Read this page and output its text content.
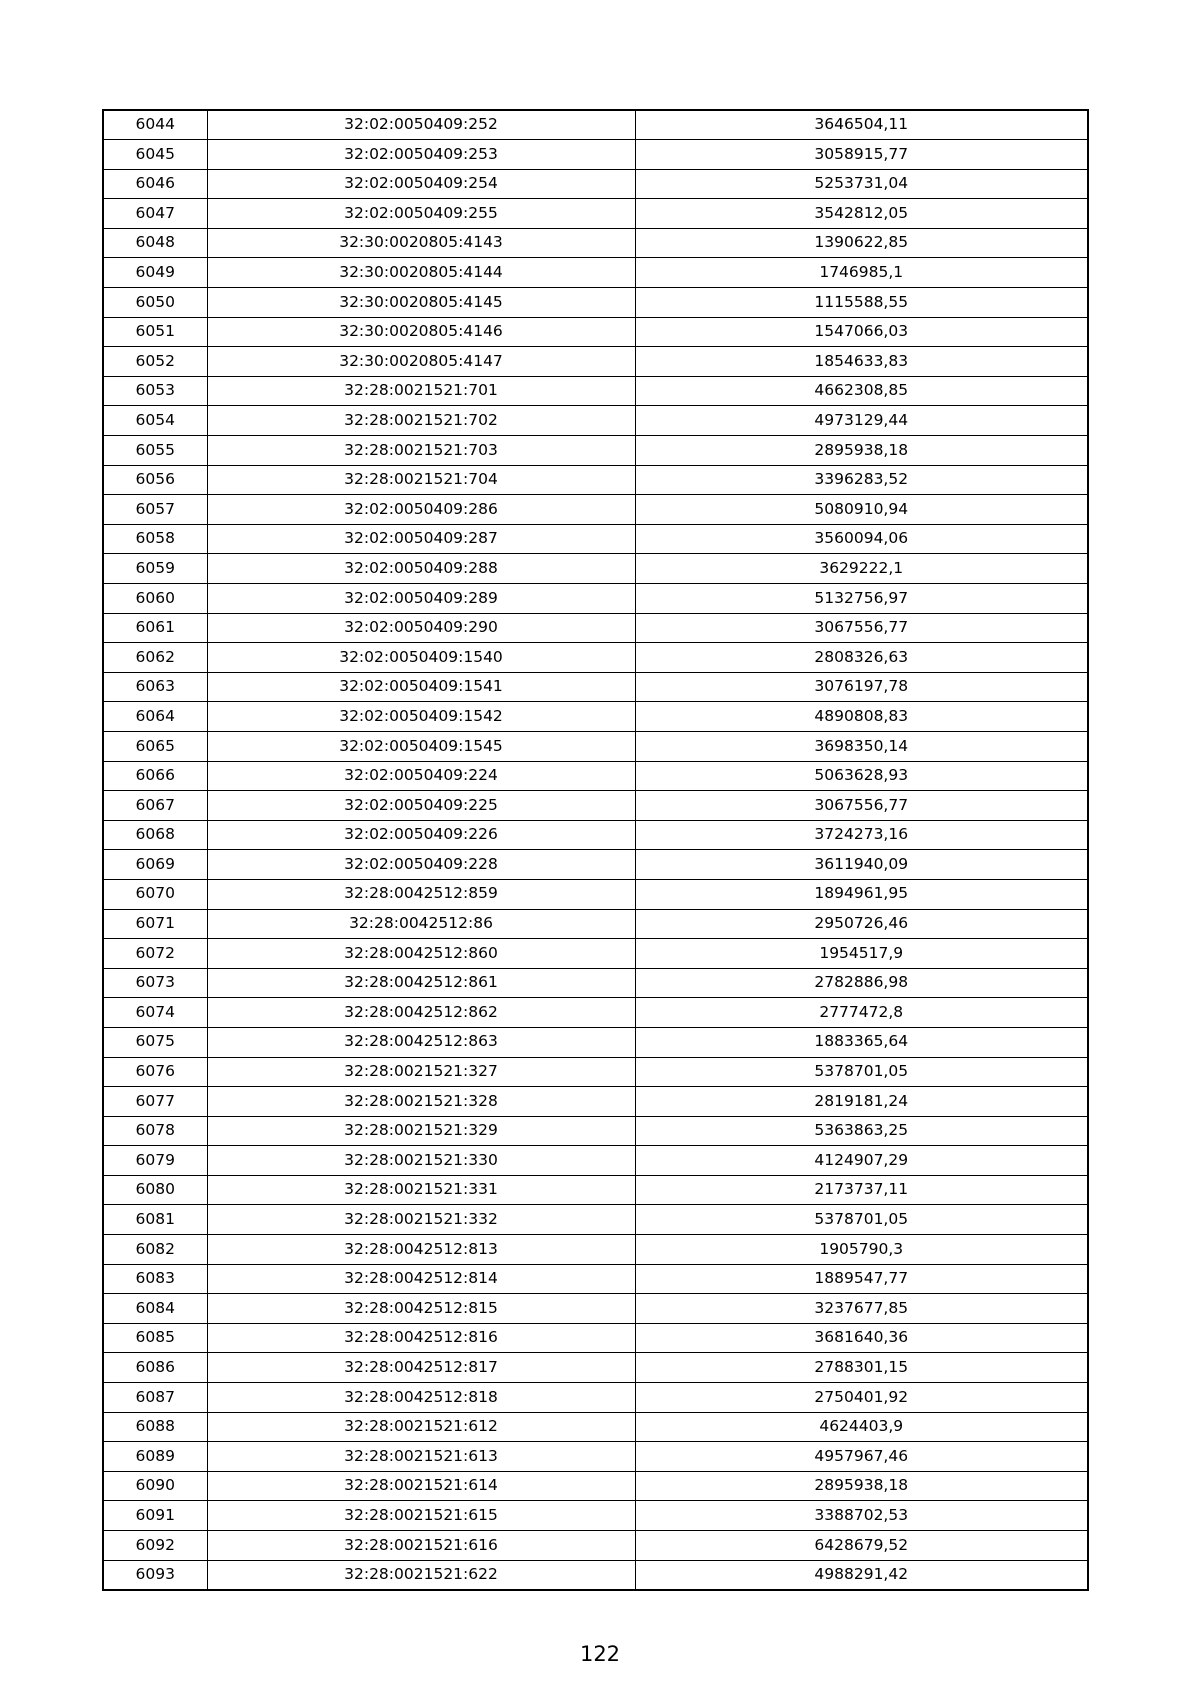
6044	32:02:0050409:252	3646504,11
6045	32:02:0050409:253	3058915,77
6046	32:02:0050409:254	5253731,04
6047	32:02:0050409:255	3542812,05
6048	32:30:0020805:4143	1390622,85
6049	32:30:0020805:4144	1746985,1
6050	32:30:0020805:4145	1115588,55
6051	32:30:0020805:4146	1547066,03
6052	32:30:0020805:4147	1854633,83
6053	32:28:0021521:701	4662308,85
6054	32:28:0021521:702	4973129,44
6055	32:28:0021521:703	2895938,18
6056	32:28:0021521:704	3396283,52
6057	32:02:0050409:286	5080910,94
6058	32:02:0050409:287	3560094,06
6059	32:02:0050409:288	3629222,1
6060	32:02:0050409:289	5132756,97
6061	32:02:0050409:290	3067556,77
6062	32:02:0050409:1540	2808326,63
6063	32:02:0050409:1541	3076197,78
6064	32:02:0050409:1542	4890808,83
6065	32:02:0050409:1545	3698350,14
6066	32:02:0050409:224	5063628,93
6067	32:02:0050409:225	3067556,77
6068	32:02:0050409:226	3724273,16
6069	32:02:0050409:228	3611940,09
6070	32:28:0042512:859	1894961,95
6071	32:28:0042512:86	2950726,46
6072	32:28:0042512:860	1954517,9
6073	32:28:0042512:861	2782886,98
6074	32:28:0042512:862	2777472,8
6075	32:28:0042512:863	1883365,64
6076	32:28:0021521:327	5378701,05
6077	32:28:0021521:328	2819181,24
6078	32:28:0021521:329	5363863,25
6079	32:28:0021521:330	4124907,29
6080	32:28:0021521:331	2173737,11
6081	32:28:0021521:332	5378701,05
6082	32:28:0042512:813	1905790,3
6083	32:28:0042512:814	1889547,77
6084	32:28:0042512:815	3237677,85
6085	32:28:0042512:816	3681640,36
6086	32:28:0042512:817	2788301,15
6087	32:28:0042512:818	2750401,92
6088	32:28:0021521:612	4624403,9
6089	32:28:0021521:613	4957967,46
6090	32:28:0021521:614	2895938,18
6091	32:28:0021521:615	3388702,53
6092	32:28:0021521:616	6428679,52
6093	32:28:0021521:622	4988291,42
122
